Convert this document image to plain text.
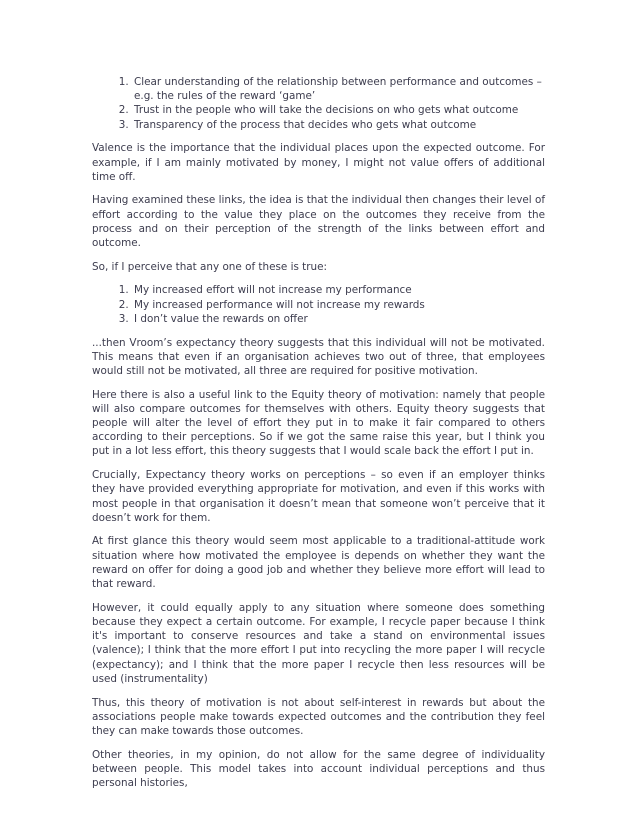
1. Clear understanding of the relationship between performance and outcomes – e.g. the rules of the reward ‘game’
2. Trust in the people who will take the decisions on who gets what outcome
3. Transparency of the process that decides who gets what outcome

Valence is the importance that the individual places upon the expected outcome. For example, if I am mainly motivated by money, I might not value offers of additional time off.

Having examined these links, the idea is that the individual then changes their level of effort according to the value they place on the outcomes they receive from the process and on their perception of the strength of the links between effort and outcome.

So, if I perceive that any one of these is true:

1. My increased effort will not increase my performance
2. My increased performance will not increase my rewards
3. I don’t value the rewards on offer

...then Vroom’s expectancy theory suggests that this individual will not be motivated. This means that even if an organisation achieves two out of three, that employees would still not be motivated, all three are required for positive motivation.

Here there is also a useful link to the Equity theory of motivation: namely that people will also compare outcomes for themselves with others. Equity theory suggests that people will alter the level of effort they put in to make it fair compared to others according to their perceptions. So if we got the same raise this year, but I think you put in a lot less effort, this theory suggests that I would scale back the effort I put in.

Crucially, Expectancy theory works on perceptions – so even if an employer thinks they have provided everything appropriate for motivation, and even if this works with most people in that organisation it doesn’t mean that someone won’t perceive that it doesn’t work for them.

At first glance this theory would seem most applicable to a traditional-attitude work situation where how motivated the employee is depends on whether they want the reward on offer for doing a good job and whether they believe more effort will lead to that reward.

However, it could equally apply to any situation where someone does something because they expect a certain outcome. For example, I recycle paper because I think it's important to conserve resources and take a stand on environmental issues (valence); I think that the more effort I put into recycling the more paper I will recycle (expectancy); and I think that the more paper I recycle then less resources will be used (instrumentality)

Thus, this theory of motivation is not about self-interest in rewards but about the associations people make towards expected outcomes and the contribution they feel they can make towards those outcomes.

Other theories, in my opinion, do not allow for the same degree of individuality between people. This model takes into account individual perceptions and thus personal histories,
